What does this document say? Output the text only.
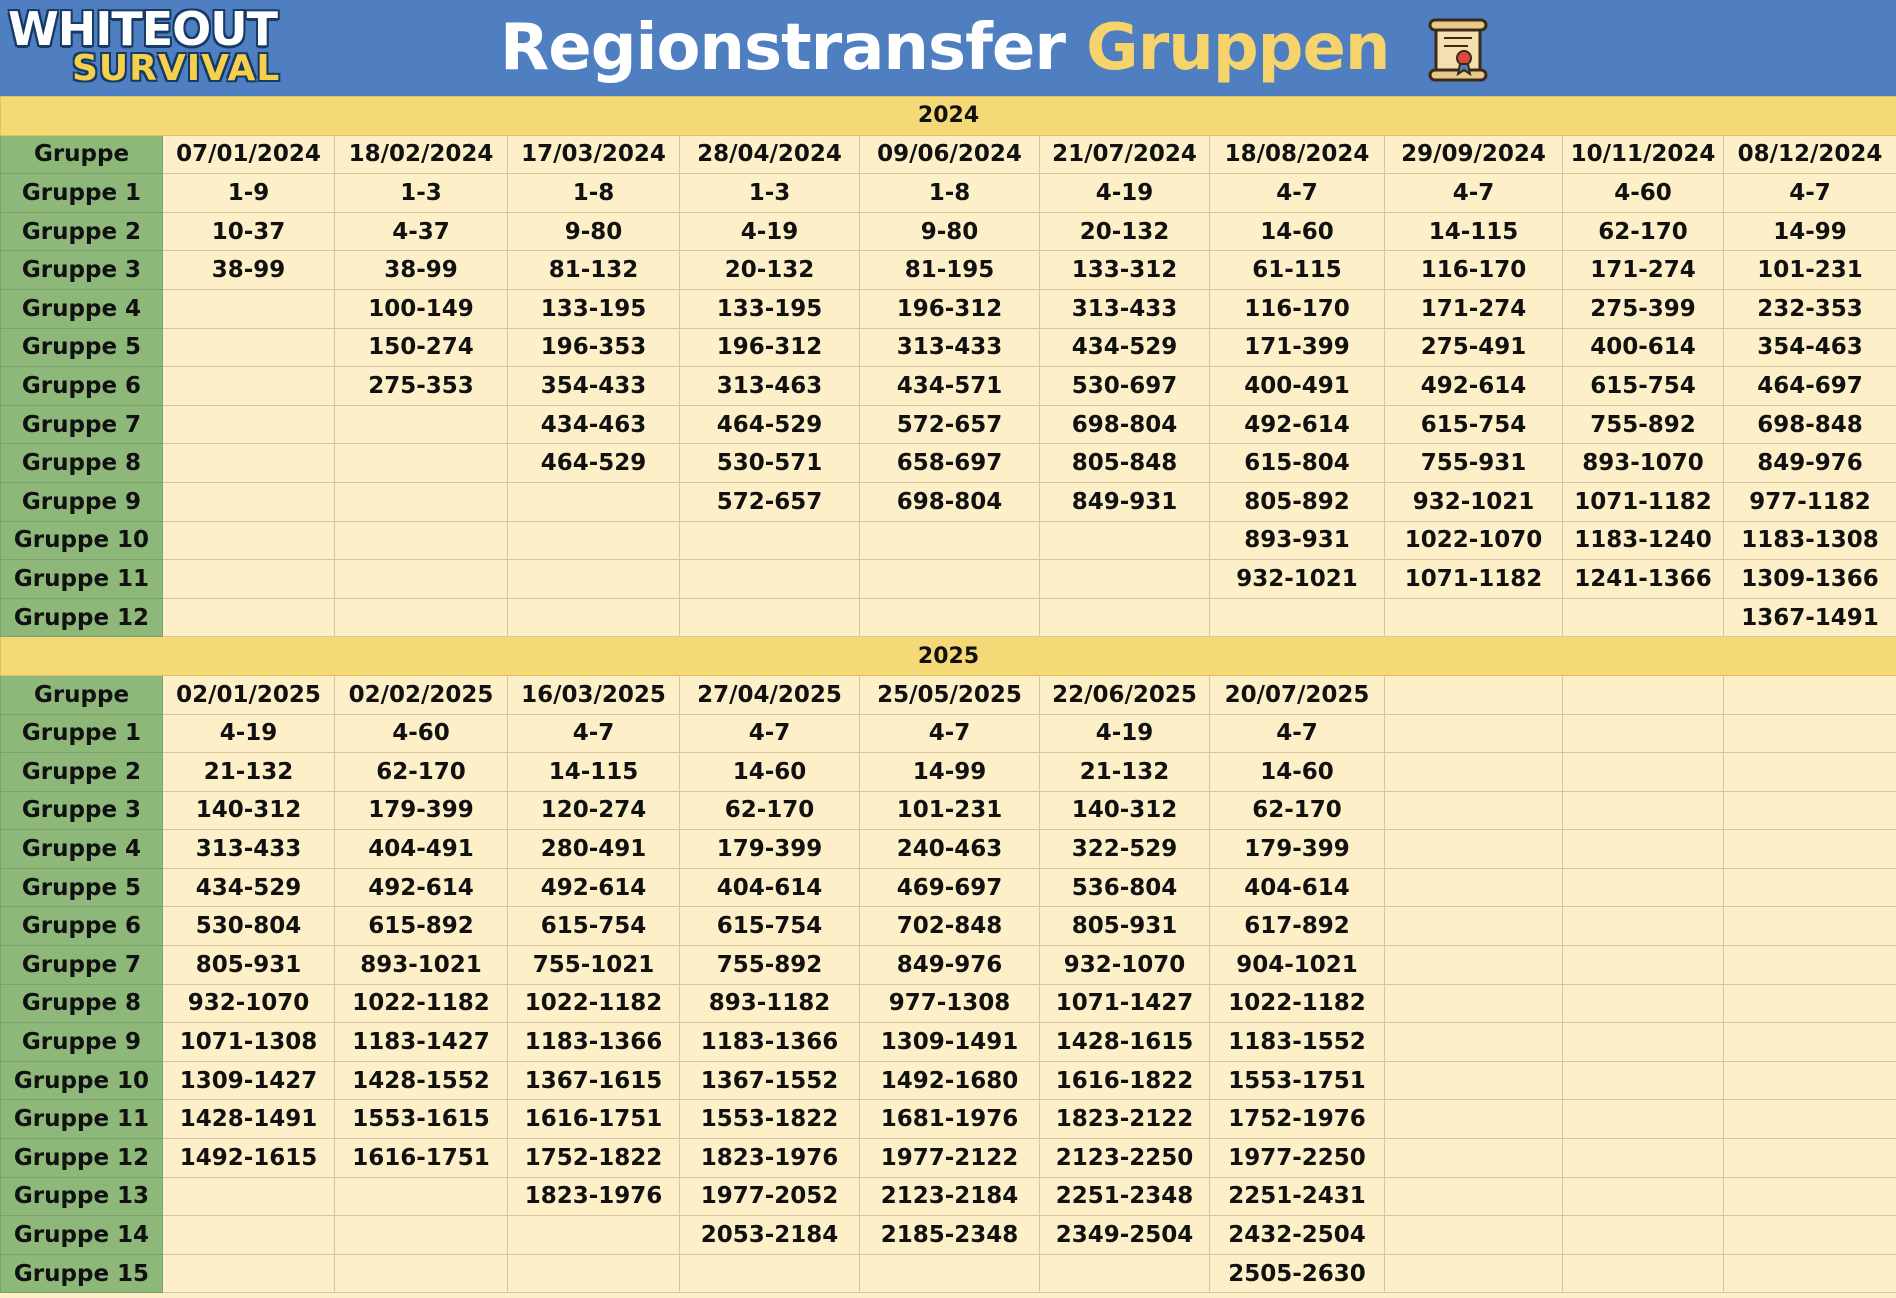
WHITEOUT
SURVIVAL	Regionstransfer Gruppen
2024										
Gruppe	07/01/2024	18/02/2024	17/03/2024	28/04/2024	09/06/2024	21/07/2024	18/08/2024	29/09/2024	10/11/2024	08/12/2024
Gruppe 1	1-9	1-3	1-8	1-3	1-8	4-19	4-7	4-7	4-60	4-7
Gruppe 2	10-37	4-37	9-80	4-19	9-80	20-132	14-60	14-115	62-170	14-99
Gruppe 3	38-99	38-99	81-132	20-132	81-195	133-312	61-115	116-170	171-274	101-231
Gruppe 4		100-149	133-195	133-195	196-312	313-433	116-170	171-274	275-399	232-353
Gruppe 5		150-274	196-353	196-312	313-433	434-529	171-399	275-491	400-614	354-463
Gruppe 6		275-353	354-433	313-463	434-571	530-697	400-491	492-614	615-754	464-697
Gruppe 7			434-463	464-529	572-657	698-804	492-614	615-754	755-892	698-848
Gruppe 8			464-529	530-571	658-697	805-848	615-804	755-931	893-1070	849-976
Gruppe 9				572-657	698-804	849-931	805-892	932-1021	1071-1182	977-1182
Gruppe 10							893-931	1022-1070	1183-1240	1183-1308
Gruppe 11							932-1021	1071-1182	1241-1366	1309-1366
Gruppe 12										1367-1491
2025										
Gruppe	02/01/2025	02/02/2025	16/03/2025	27/04/2025	25/05/2025	22/06/2025	20/07/2025			
Gruppe 1	4-19	4-60	4-7	4-7	4-7	4-19	4-7			
Gruppe 2	21-132	62-170	14-115	14-60	14-99	21-132	14-60			
Gruppe 3	140-312	179-399	120-274	62-170	101-231	140-312	62-170			
Gruppe 4	313-433	404-491	280-491	179-399	240-463	322-529	179-399			
Gruppe 5	434-529	492-614	492-614	404-614	469-697	536-804	404-614			
Gruppe 6	530-804	615-892	615-754	615-754	702-848	805-931	617-892			
Gruppe 7	805-931	893-1021	755-1021	755-892	849-976	932-1070	904-1021			
Gruppe 8	932-1070	1022-1182	1022-1182	893-1182	977-1308	1071-1427	1022-1182			
Gruppe 9	1071-1308	1183-1427	1183-1366	1183-1366	1309-1491	1428-1615	1183-1552			
Gruppe 10	1309-1427	1428-1552	1367-1615	1367-1552	1492-1680	1616-1822	1553-1751			
Gruppe 11	1428-1491	1553-1615	1616-1751	1553-1822	1681-1976	1823-2122	1752-1976			
Gruppe 12	1492-1615	1616-1751	1752-1822	1823-1976	1977-2122	2123-2250	1977-2250			
Gruppe 13			1823-1976	1977-2052	2123-2184	2251-2348	2251-2431			
Gruppe 14				2053-2184	2185-2348	2349-2504	2432-2504			
Gruppe 15							2505-2630			
